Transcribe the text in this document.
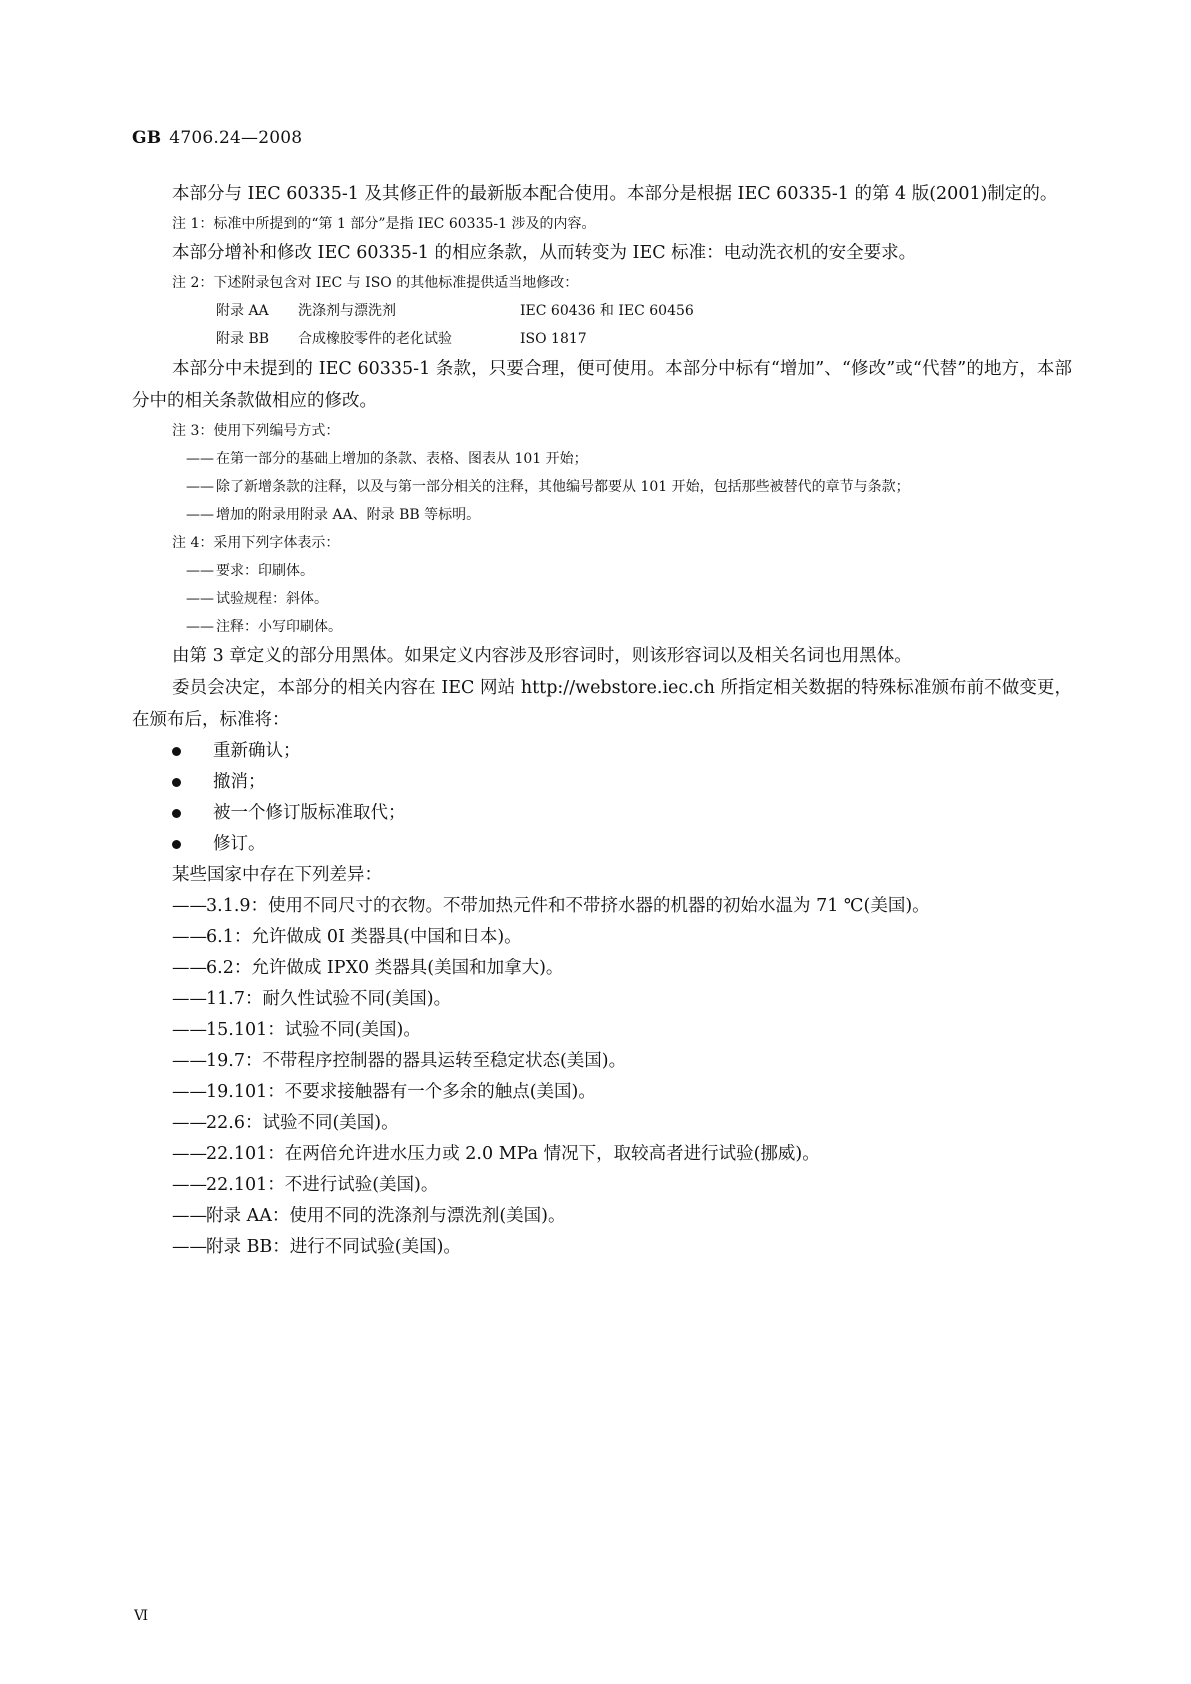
GB 4706.24—2008

本部分与 IEC 60335-1 及其修正件的最新版本配合使用。本部分是根据 IEC 60335-1 的第 4 版(2001)制定的。

注 1：标准中所提到的“第 1 部分”是指 IEC 60335-1 涉及的内容。

本部分增补和修改 IEC 60335-1 的相应条款，从而转变为 IEC 标准：电动洗衣机的安全要求。

注 2：下述附录包含对 IEC 与 ISO 的其他标准提供适当地修改：

附录 AA	洗涤剂与漂洗剂	IEC 60436 和 IEC 60456
附录 BB	合成橡胶零件的老化试验	ISO 1817

本部分中未提到的 IEC 60335-1 条款，只要合理，便可使用。本部分中标有“增加”、“修改”或“代替”的地方，本部分中的相关条款做相应的修改。

注 3：使用下列编号方式：

—— 在第一部分的基础上增加的条款、表格、图表从 101 开始；

—— 除了新增条款的注释，以及与第一部分相关的注释，其他编号都要从 101 开始，包括那些被替代的章节与条款；

—— 增加的附录用附录 AA、附录 BB 等标明。

注 4：采用下列字体表示：

—— 要求：印刷体。

—— 试验规程：斜体。

—— 注释：小写印刷体。

由第 3 章定义的部分用黑体。如果定义内容涉及形容词时，则该形容词以及相关名词也用黑体。

委员会决定，本部分的相关内容在 IEC 网站 http://webstore.iec.ch 所指定相关数据的特殊标准颁布前不做变更，在颁布后，标准将：

重新确认；
撤消；
被一个修订版标准取代；
修订。

某些国家中存在下列差异：

——3.1.9：使用不同尺寸的衣物。不带加热元件和不带挤水器的机器的初始水温为 71 ℃(美国)。

——6.1：允许做成 0I 类器具(中国和日本)。

——6.2：允许做成 IPX0 类器具(美国和加拿大)。

——11.7：耐久性试验不同(美国)。

——15.101：试验不同(美国)。

——19.7：不带程序控制器的器具运转至稳定状态(美国)。

——19.101：不要求接触器有一个多余的触点(美国)。

——22.6：试验不同(美国)。

——22.101：在两倍允许进水压力或 2.0 MPa 情况下，取较高者进行试验(挪威)。

——22.101：不进行试验(美国)。

——附录 AA：使用不同的洗涤剂与漂洗剂(美国)。

——附录 BB：进行不同试验(美国)。

Ⅵ
